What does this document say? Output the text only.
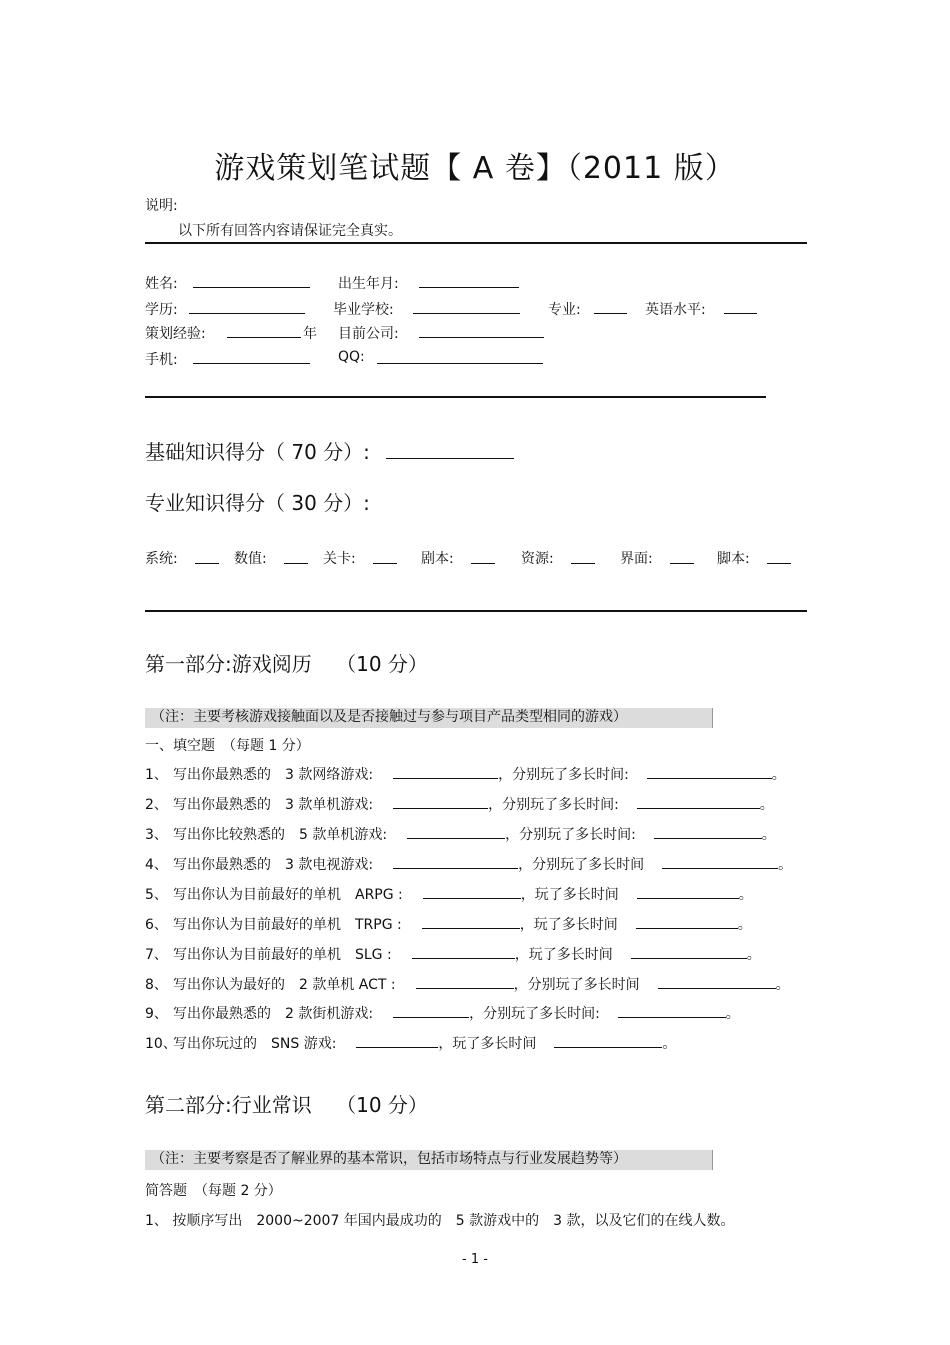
游戏策划笔试题【 A 卷】（2011 版）
说明:
以下所有回答内容请保证完全真实。
姓名:	出生年月:
学历:	毕业学校:	专业:	英语水平:
策划经验:	年 目前公司:
手机:	QQ:
基础知识得分（ 70 分）:
专业知识得分（ 30 分）:
系统:	数值:	关卡:	剧本:	资源:	界面:	脚本:
第一部分:游戏阅历 （10 分）
（注：主要考核游戏接触面以及是否接触过与参与项目产品类型相同的游戏）
一、填空题　（每题 1 分）
1、 写出你最熟悉的　3 款网络游戏:	，分别玩了多长时间:	。
2、 写出你最熟悉的　3 款单机游戏:	，分别玩了多长时间:	。
3、 写出你比较熟悉的　5 款单机游戏:	，分别玩了多长时间:	。
4、 写出你最熟悉的　3 款电视游戏:	，分别玩了多长时间	。
5、 写出你认为目前最好的单机　ARPG :	，玩了多长时间	。
6、 写出你认为目前最好的单机　TRPG :	，玩了多长时间	。
7、 写出你认为目前最好的单机　SLG :	，玩了多长时间	。
8、 写出你认为最好的　2 款单机 ACT :	，分别玩了多长时间	。
9、 写出你最熟悉的　2 款街机游戏:	，分别玩了多长时间:	。
10、写出你玩过的　SNS 游戏:	，玩了多长时间	。
第二部分:行业常识 （10 分）
（注：主要考察是否了解业界的基本常识，包括市场特点与行业发展趋势等）
简答题　（每题 2 分）
1、 按顺序写出　2000~2007 年国内最成功的　5 款游戏中的　3 款，以及它们的在线人数。
- 1 -
